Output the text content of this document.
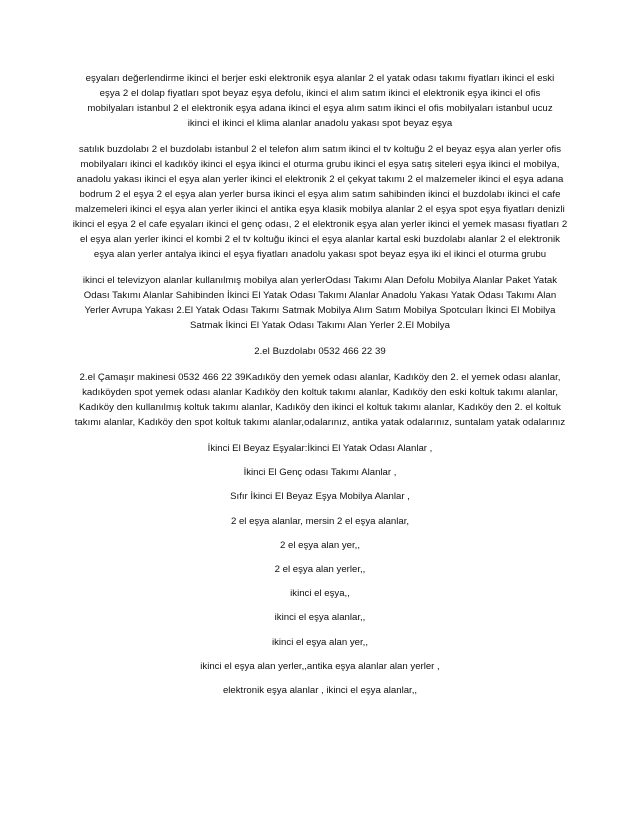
eşyaları değerlendirme ikinci el berjer eski elektronik eşya alanlar 2 el yatak odası takımı fiyatları ikinci el eski eşya 2 el dolap fiyatları spot beyaz eşya defolu, ikinci el alım satım ikinci el elektronik eşya ikinci el ofis mobilyaları istanbul 2 el elektronik eşya adana ikinci el eşya alım satım ikinci el ofis mobilyaları istanbul ucuz ikinci el ikinci el klima alanlar anadolu yakası spot beyaz eşya

satılık buzdolabı 2 el buzdolabı istanbul 2 el telefon alım satım ikinci el tv koltuğu 2 el beyaz eşya alan yerler ofis mobilyaları ikinci el kadıköy ikinci el eşya ikinci el oturma grubu ikinci el eşya satış siteleri eşya ikinci el mobilya, anadolu yakası ikinci el eşya alan yerler ikinci el elektronik 2 el çekyat takımı 2 el malzemeler ikinci el eşya adana bodrum 2 el eşya 2 el eşya alan yerler bursa ikinci el eşya alım satım sahibinden ikinci el buzdolabı ikinci el cafe malzemeleri ikinci el eşya alan yerler ikinci el antika eşya klasik mobilya alanlar 2 el eşya spot eşya fiyatları denizli ikinci el eşya 2 el cafe eşyaları ikinci el genç odası, 2 el elektronik eşya alan yerler ikinci el yemek masası fiyatları 2 el eşya alan yerler ikinci el kombi 2 el tv koltuğu ikinci el eşya alanlar kartal eski buzdolabı alanlar 2 el elektronik eşya alan yerler antalya ikinci el eşya fiyatları anadolu yakası spot beyaz eşya iki el ikinci el oturma grubu

ikinci el televizyon alanlar kullanılmış mobilya alan yerlerOdası Takımı Alan Defolu Mobilya Alanlar Paket Yatak Odası Takımı Alanlar Sahibinden İkinci El Yatak Odası Takımı Alanlar Anadolu Yakası Yatak Odası Takımı Alan Yerler Avrupa Yakası 2.El Yatak Odası Takımı Satmak Mobilya Alım Satım Mobilya Spotcuları İkinci El Mobilya Satmak İkinci El Yatak Odası Takımı Alan Yerler 2.El Mobilya

2.el Buzdolabı 0532 466 22 39

2.el Çamaşır makinesi 0532 466 22 39Kadıköy den yemek odası alanlar, Kadıköy den 2. el yemek odası alanlar, kadıköyden spot yemek odası alanlar Kadıköy den koltuk takımı alanlar, Kadıköy den eski koltuk takımı alanlar, Kadıköy den kullanılmış koltuk takımı alanlar, Kadıköy den ikinci el koltuk takımı alanlar, Kadıköy den 2. el koltuk takımı alanlar, Kadıköy den spot koltuk takımı alanlar,odalarınız, antika yatak odalarınız, suntalam yatak odalarınız

İkinci El Beyaz Eşyalar:İkinci El Yatak Odası Alanlar ,

İkinci El Genç odası Takımı Alanlar ,

Sıfır İkinci El Beyaz Eşya Mobilya Alanlar ,

2 el eşya alanlar, mersin 2 el eşya alanlar,

2 el eşya alan yer,,

2 el eşya alan yerler,,

ikinci el eşya,,

ikinci el eşya alanlar,,

ikinci el eşya alan yer,,

ikinci el eşya alan yerler,,antika eşya alanlar alan yerler ,

elektronik eşya alanlar , ikinci el eşya alanlar,,
